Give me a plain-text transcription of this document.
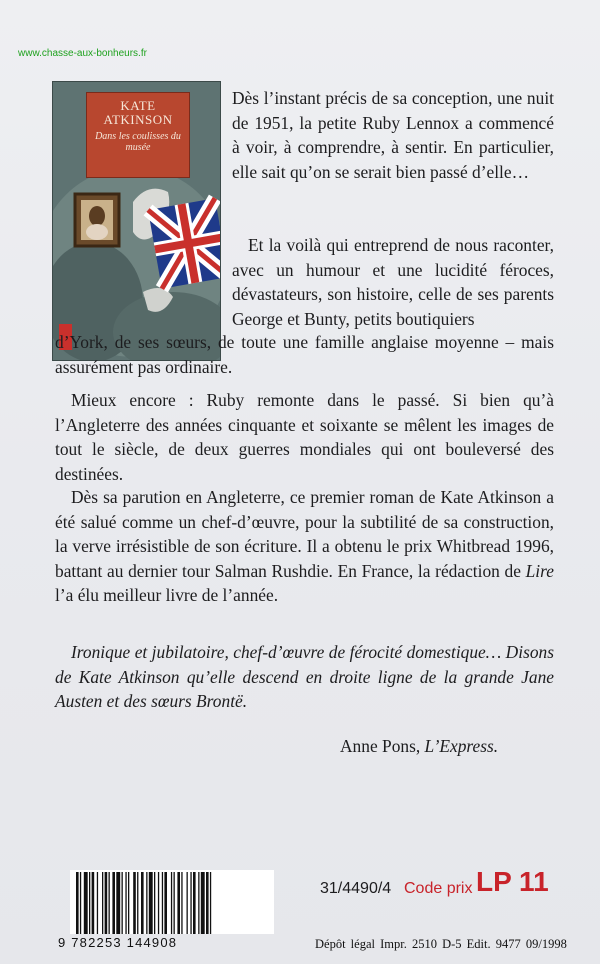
www.chasse-aux-bonheurs.fr
KATE ATKINSON
Dans les coulisses du musée

Dès l’instant précis de sa conception, une nuit de 1951, la petite Ruby Lennox a commencé à voir, à comprendre, à sentir. En particulier, elle sait qu’on se serait bien passé d’elle…

Et la voilà qui entreprend de nous raconter, avec un humour et une lucidité féroces, dévastateurs, son histoire, celle de ses parents George et Bunty, petits boutiquiers

d’York, de ses sœurs, de toute une famille anglaise moyenne – mais assurément pas ordinaire.

Mieux encore : Ruby remonte dans le passé. Si bien qu’à l’Angleterre des années cinquante et soixante se mêlent les images de tout le siècle, de deux guerres mondiales qui ont bouleversé des destinées.

Dès sa parution en Angleterre, ce premier roman de Kate Atkinson a été salué comme un chef-d’œuvre, pour la subtilité de sa construction, la verve irrésistible de son écriture. Il a obtenu le prix Whitbread 1996, battant au dernier tour Salman Rushdie. En France, la rédaction de Lire l’a élu meilleur livre de l’année.

Ironique et jubilatoire, chef-d’œuvre de férocité domestique… Disons de Kate Atkinson qu’elle descend en droite ligne de la grande Jane Austen et des sœurs Brontë.

Anne Pons, L’Express.
9 782253 144908
31/4490/4 Code prix LP 11
Dépôt légal Impr. 2510 D-5 Edit. 9477 09/1998
